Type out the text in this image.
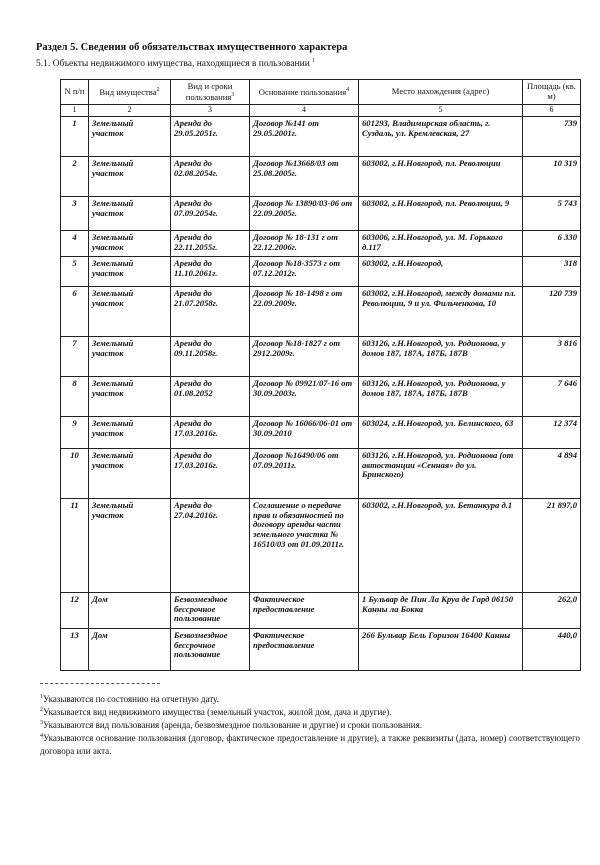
Раздел 5. Сведения об обязательствах имущественного характера
5.1. Объекты недвижимого имущества, находящиеся в пользовании $^1$
N п/п	Вид имущества$^2$	Вид и сроки пользования$^3$	Основание пользования$^4$	Место нахождения (адрес)	Площадь (кв. м)
1	2	3	4	5	6
1	Земельный участок	Аренда до 29.05.2051г.	Договор №141 от 29.05.2001г.	601293, Владимирская область, г. Суздаль, ул. Кремлевская, 27	739
2	Земельный участок	Аренда до 02.08.2054г.	Договор №13668/03 от 25.08.2005г.	603002, г.Н.Новгород, пл. Революции	10 319
3	Земельный участок	Аренда до 07.09.2054г.	Договор № 13890/03-06 от 22.09.2005г.	603002, г.Н.Новгород, пл. Революции, 9	5 743
4	Земельный участок	Аренда до 22.11.2055г.	Договор № 18-131 г от 22.12.2006г.	603006, г.Н.Новгород, ул. М. Горького д.117	6 330
5	Земельный участок	Аренда до 11.10.2061г.	Договор №18-3573 г от 07.12.2012г.	603002, г.Н.Новгород,	318
6	Земельный участок	Аренда до 21.07.2058г.	Договор № 18-1498 г от 22.09.2009г.	603002, г.Н.Новгород, между домами пл. Революции, 9 и ул. Фильченкова, 10	120 739
7	Земельный участок	Аренда до 09.11.2058г.	Договор №18-1827 г от 2912.2009г.	603126, г.Н.Новгород, ул. Родионова, у домов 187, 187А, 187Б, 187В	3 816
8	Земельный участок	Аренда до 01.08.2052	Договор № 09921/07-16 от 30.09.2003г.	603126, г.Н.Новгород, ул. Родионова, у домов 187, 187А, 187Б, 187В	7 646
9	Земельный участок	Аренда до 17.03.2016г.	Договор № 16066/06-01 от 30.09.2010	603024, г.Н.Новгород, ул. Белинского, 63	12 374
10	Земельный участок	Аренда до 17.03.2016г.	Договор №16490/06 от 07.09.2011г.	603126, г.Н.Новгород, ул. Родионова (от автостанции «Сенная» до ул. Бринского)	4 894
11	Земельный участок	Аренда до 27.04.2016г.	Соглашение о передаче прав и обязанностей по договору аренды части земельного участка № 16510/03 от 01.09.2011г.	603002, г.Н.Новгород, ул. Бетанкура д.1	21 897,0
12	Дом	Безвозмездное бессрочное пользование	Фактическое предоставление	1 Бульвар де Пин Ла Круа де Гард 06150 Канны ла Бокка	262,0
13	Дом	Безвозмездное бессрочное пользование	Фактическое предоставление	266 Бульвар Бель Горизон 16400 Канны	440,0
$^1$Указываются по состоянию на отчетную дату.
$^2$Указывается вид недвижимого имущества (земельный участок, жилой дом, дача и другие).
$^3$Указываются вид пользования (аренда, безвозмездное пользование и другие) и сроки пользования.
$^4$Указываются основание пользования (договор, фактическое предоставление и другие), а также реквизиты (дата, номер) соответствующего договора или акта.
